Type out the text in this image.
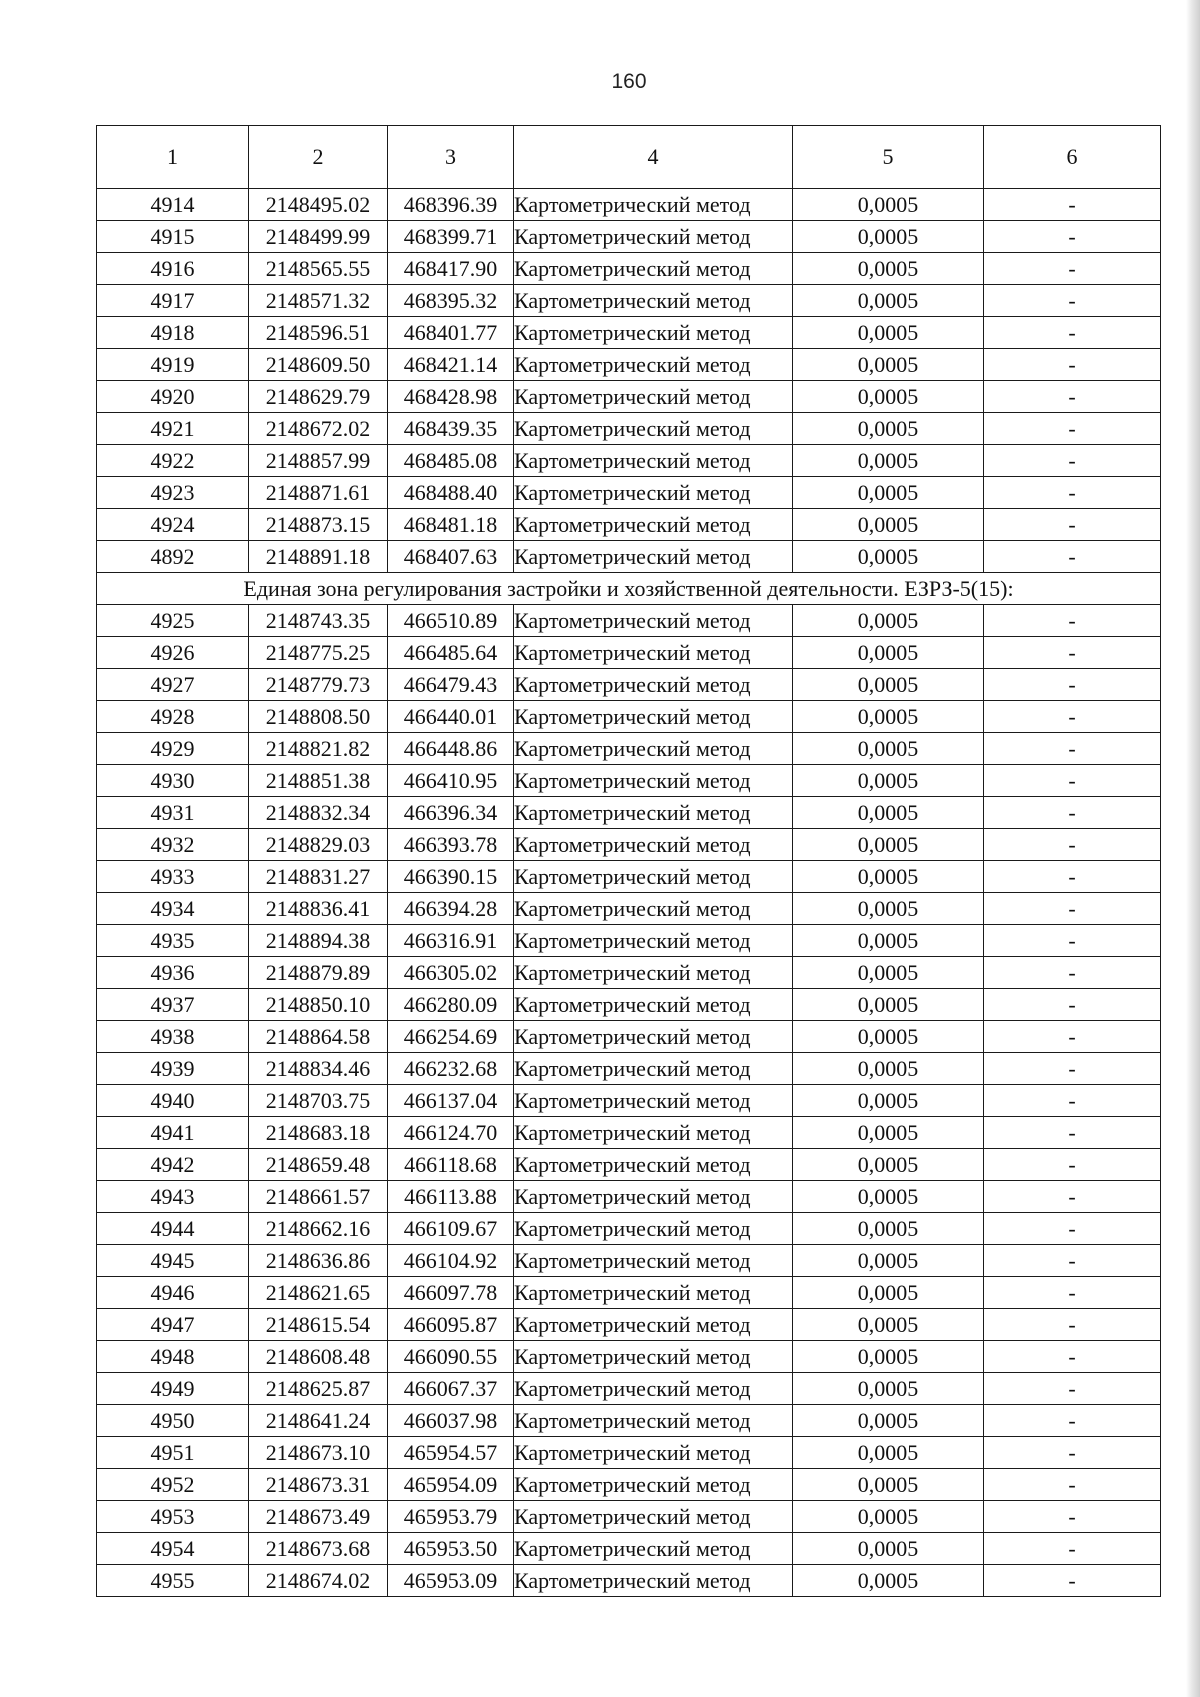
160
1	2	3	4	5	6
4914	2148495.02	468396.39	Картометрический метод	0,0005	-
4915	2148499.99	468399.71	Картометрический метод	0,0005	-
4916	2148565.55	468417.90	Картометрический метод	0,0005	-
4917	2148571.32	468395.32	Картометрический метод	0,0005	-
4918	2148596.51	468401.77	Картометрический метод	0,0005	-
4919	2148609.50	468421.14	Картометрический метод	0,0005	-
4920	2148629.79	468428.98	Картометрический метод	0,0005	-
4921	2148672.02	468439.35	Картометрический метод	0,0005	-
4922	2148857.99	468485.08	Картометрический метод	0,0005	-
4923	2148871.61	468488.40	Картометрический метод	0,0005	-
4924	2148873.15	468481.18	Картометрический метод	0,0005	-
4892	2148891.18	468407.63	Картометрический метод	0,0005	-
Единая зона регулирования застройки и хозяйственной деятельности. ЕЗРЗ-5(15):					
4925	2148743.35	466510.89	Картометрический метод	0,0005	-
4926	2148775.25	466485.64	Картометрический метод	0,0005	-
4927	2148779.73	466479.43	Картометрический метод	0,0005	-
4928	2148808.50	466440.01	Картометрический метод	0,0005	-
4929	2148821.82	466448.86	Картометрический метод	0,0005	-
4930	2148851.38	466410.95	Картометрический метод	0,0005	-
4931	2148832.34	466396.34	Картометрический метод	0,0005	-
4932	2148829.03	466393.78	Картометрический метод	0,0005	-
4933	2148831.27	466390.15	Картометрический метод	0,0005	-
4934	2148836.41	466394.28	Картометрический метод	0,0005	-
4935	2148894.38	466316.91	Картометрический метод	0,0005	-
4936	2148879.89	466305.02	Картометрический метод	0,0005	-
4937	2148850.10	466280.09	Картометрический метод	0,0005	-
4938	2148864.58	466254.69	Картометрический метод	0,0005	-
4939	2148834.46	466232.68	Картометрический метод	0,0005	-
4940	2148703.75	466137.04	Картометрический метод	0,0005	-
4941	2148683.18	466124.70	Картометрический метод	0,0005	-
4942	2148659.48	466118.68	Картометрический метод	0,0005	-
4943	2148661.57	466113.88	Картометрический метод	0,0005	-
4944	2148662.16	466109.67	Картометрический метод	0,0005	-
4945	2148636.86	466104.92	Картометрический метод	0,0005	-
4946	2148621.65	466097.78	Картометрический метод	0,0005	-
4947	2148615.54	466095.87	Картометрический метод	0,0005	-
4948	2148608.48	466090.55	Картометрический метод	0,0005	-
4949	2148625.87	466067.37	Картометрический метод	0,0005	-
4950	2148641.24	466037.98	Картометрический метод	0,0005	-
4951	2148673.10	465954.57	Картометрический метод	0,0005	-
4952	2148673.31	465954.09	Картометрический метод	0,0005	-
4953	2148673.49	465953.79	Картометрический метод	0,0005	-
4954	2148673.68	465953.50	Картометрический метод	0,0005	-
4955	2148674.02	465953.09	Картометрический метод	0,0005	-
